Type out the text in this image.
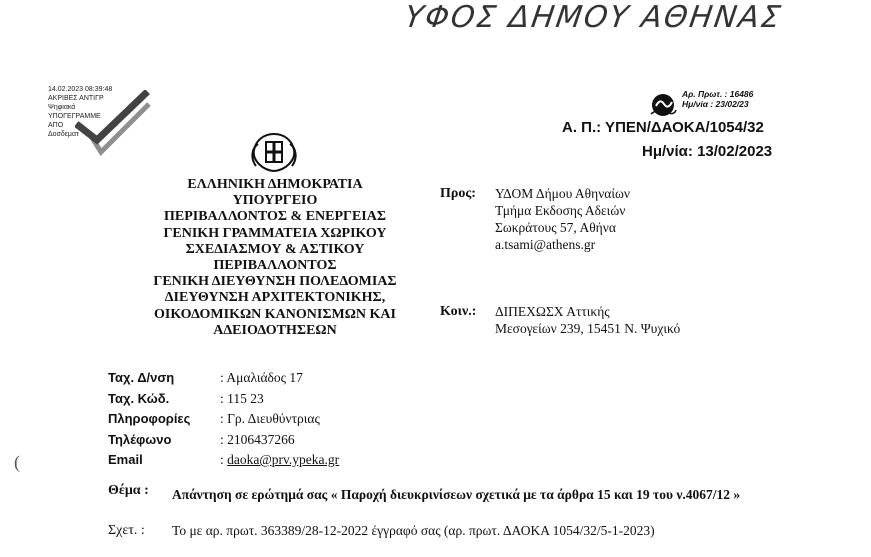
ΥΦΟΣ ΔΗΜΟΥ ΑΘΗΝΑΣ
14.02.2023 08:39:48
ΑΚΡΙΒΕΣ ΑΝΤΙΓΡ
Ψηφιακά
ΥΠΟΓΕΓΡΑΜΜΕ
ΑΠΟ
Δοσδεματ
Αρ. Πρωτ. : 16486
Ημ/νία : 23/02/23
Α. Π.: ΥΠΕΝ/ΔΑΟΚΑ/1054/32
Ημ/νία: 13/02/2023
ΕΛΛΗΝΙΚΗ ΔΗΜΟΚΡΑΤΙΑ
ΥΠΟΥΡΓΕΙΟ
ΠΕΡΙΒΑΛΛΟΝΤΟΣ & ΕΝΕΡΓΕΙΑΣ
ΓΕΝΙΚΗ ΓΡΑΜΜΑΤΕΙΑ ΧΩΡΙΚΟΥ
ΣΧΕΔΙΑΣΜΟΥ & ΑΣΤΙΚΟΥ
ΠΕΡΙΒΑΛΛΟΝΤΟΣ
ΓΕΝΙΚΗ ΔΙΕΥΘΥΝΣΗ ΠΟΛΕΔΟΜΙΑΣ
ΔΙΕΥΘΥΝΣΗ ΑΡΧΙΤΕΚΤΟΝΙΚΗΣ,
ΟΙΚΟΔΟΜΙΚΩΝ ΚΑΝΟΝΙΣΜΩΝ ΚΑΙ
ΑΔΕΙΟΔΟΤΗΣΕΩΝ
Προς: ΥΔΟΜ Δήμου Αθηναίων
Τμήμα Εκδοσης Αδειών
Σωκράτους 57, Αθήνα
a.tsami@athens.gr
Κοιν.: ΔΙΠΕΧΩΣΧ Αττικής
Μεσογείων 239, 15451 Ν. Ψυχικό
Ταχ. Δ/νση	: Αμαλιάδος 17
Ταχ. Κώδ.	: 115 23
Πληροφορίες	: Γρ. Διευθύντριας
Τηλέφωνο	: 2106437266
Email	: daoka@prv.ypeka.gr
Θέμα : Απάντηση σε ερώτημά σας « Παροχή διευκρινίσεων σχετικά με τα άρθρα 15 και 19 του ν.4067/12 »
Σχετ. : Το με αρ. πρωτ. 363389/28-12-2022 έγγραφό σας (αρ. πρωτ. ΔΑΟΚΑ 1054/32/5-1-2023)
(
